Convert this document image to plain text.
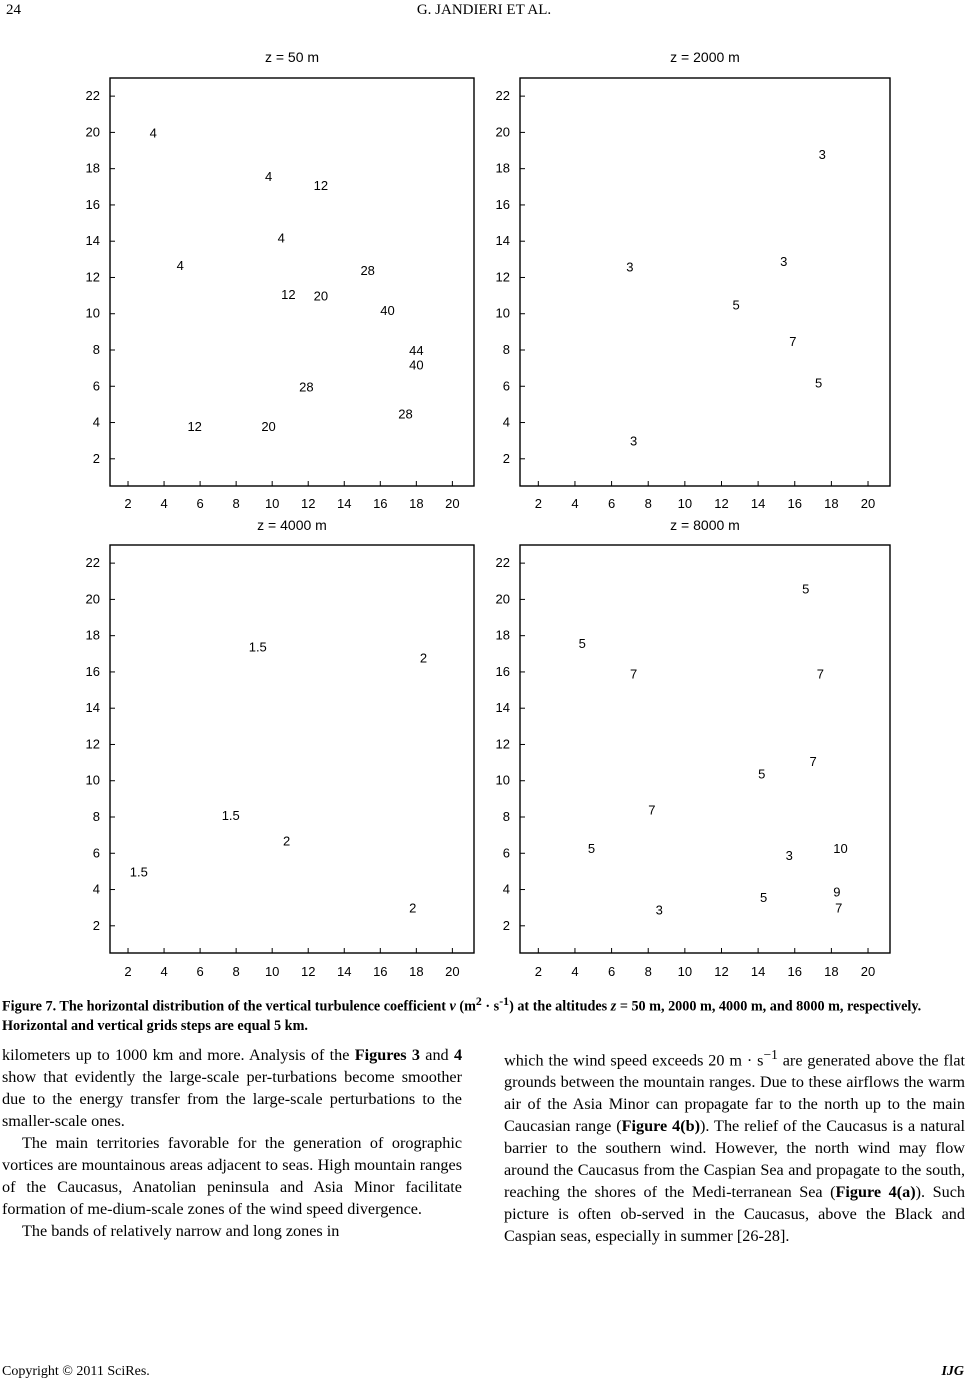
24	G. JANDIERI ET AL.
z = 50 m
2 4 6 8 10 12 14 16 18 20
2
4
6
8
10
12
14
16
18
20
22
4
4
4
4
12
12
12
20
20
28
28
28
40
40
44
z = 2000 m
2 4 6 8 10 12 14 16 18 20
2
4
6
8
10
12
14
16
18
20
22
3
3	3
5
7
5
3
z = 4000 m
2 4 6 8 10 12 14 16 18 20
2
4
6
8
10
12
14
16
18
20
22
1.5
2
1.5
2
1.5
2
z = 8000 m
2 4 6 8 10 12 14 16 18 20
2
4
6
8
10
12
14
16
18
20
22
5
5
7	7
7
5
7
5	3	10
9
7
5
3
Figure 7. The horizontal distribution of the vertical turbulence coefficient ν $(m^2 \cdot s^{-1})$ at the altitudes z = 50 m, 2000 m, 4000 m, and 8000 m, respectively. Horizontal and vertical grids steps are equal 5 km.

kilometers up to 1000 km and more. Analysis of the Figures 3 and 4 show that evidently the large-scale per-turbations become smoother due to the energy transfer from the large-scale perturbations to the smaller-scale ones.

The main territories favorable for the generation of orographic vortices are mountainous areas adjacent to seas. High mountain ranges of the Caucasus, Anatolian peninsula and Asia Minor facilitate formation of me-dium-scale zones of the wind speed divergence.

The bands of relatively narrow and long zones in

which the wind speed exceeds 20 $m \cdot s^{-1}$ are generated above the flat grounds between the mountain ranges. Due to these airflows the warm air of the Asia Minor can propagate far to the north up to the main Caucasian range (Figure 4(b)). The relief of the Caucasus is a natural barrier to the southern wind. However, the north wind may flow around the Caucasus from the Caspian Sea and propagate to the south, reaching the shores of the Medi-terranean Sea (Figure 4(a)). Such picture is often ob-served in the Caucasus, above the Black and Caspian seas, especially in summer [26-28].

Copyright © 2011 SciRes.	IJG
